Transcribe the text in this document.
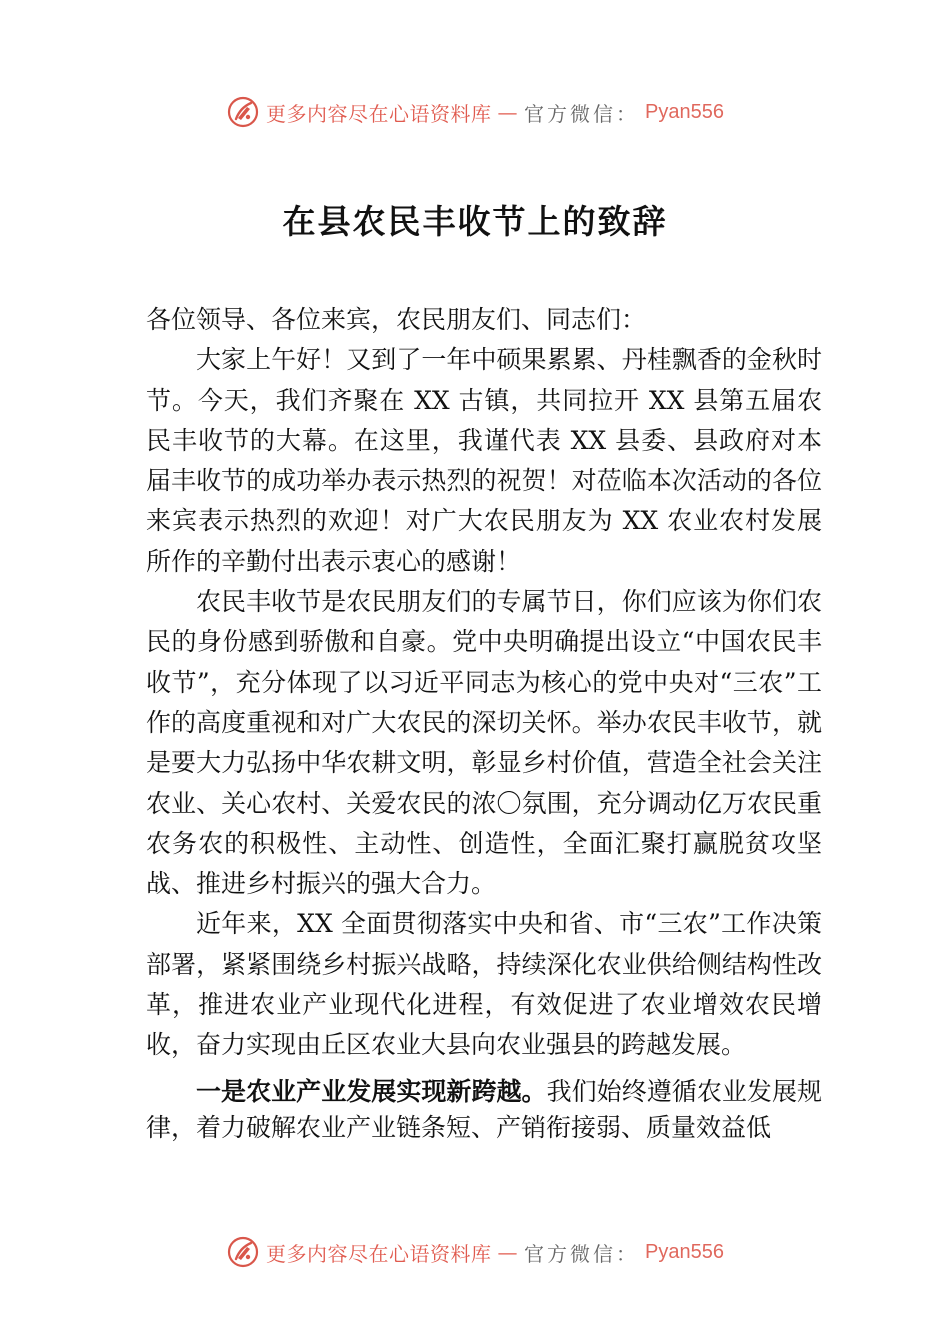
更多内容尽在心语资料库 — 官方微信： Pyan556
在县农民丰收节上的致辞

各位领导、各位来宾，农民朋友们、同志们：

大家上午好！又到了一年中硕果累累、丹桂飘香的金秋时节。今天，我们齐聚在 XX 古镇，共同拉开 XX 县第五届农民丰收节的大幕。在这里，我谨代表 XX 县委、县政府对本届丰收节的成功举办表示热烈的祝贺！对莅临本次活动的各位来宾表示热烈的欢迎！对广大农民朋友为 XX 农业农村发展所作的辛勤付出表示衷心的感谢！

农民丰收节是农民朋友们的专属节日，你们应该为你们农民的身份感到骄傲和自豪。党中央明确提出设立“中国农民丰收节”，充分体现了以习近平同志为核心的党中央对“三农”工作的高度重视和对广大农民的深切关怀。举办农民丰收节，就是要大力弘扬中华农耕文明，彰显乡村价值，营造全社会关注农业、关心农村、关爱农民的浓〇氛围，充分调动亿万农民重农务农的积极性、主动性、创造性，全面汇聚打赢脱贫攻坚战、推进乡村振兴的强大合力。

近年来，XX 全面贯彻落实中央和省、市“三农”工作决策部署，紧紧围绕乡村振兴战略，持续深化农业供给侧结构性改革，推进农业产业现代化进程，有效促进了农业增效农民增收，奋力实现由丘区农业大县向农业强县的跨越发展。

一是农业产业发展实现新跨越。我们始终遵循农业发展规律，着力破解农业产业链条短、产销衔接弱、质量效益低

更多内容尽在心语资料库 — 官方微信： Pyan556
